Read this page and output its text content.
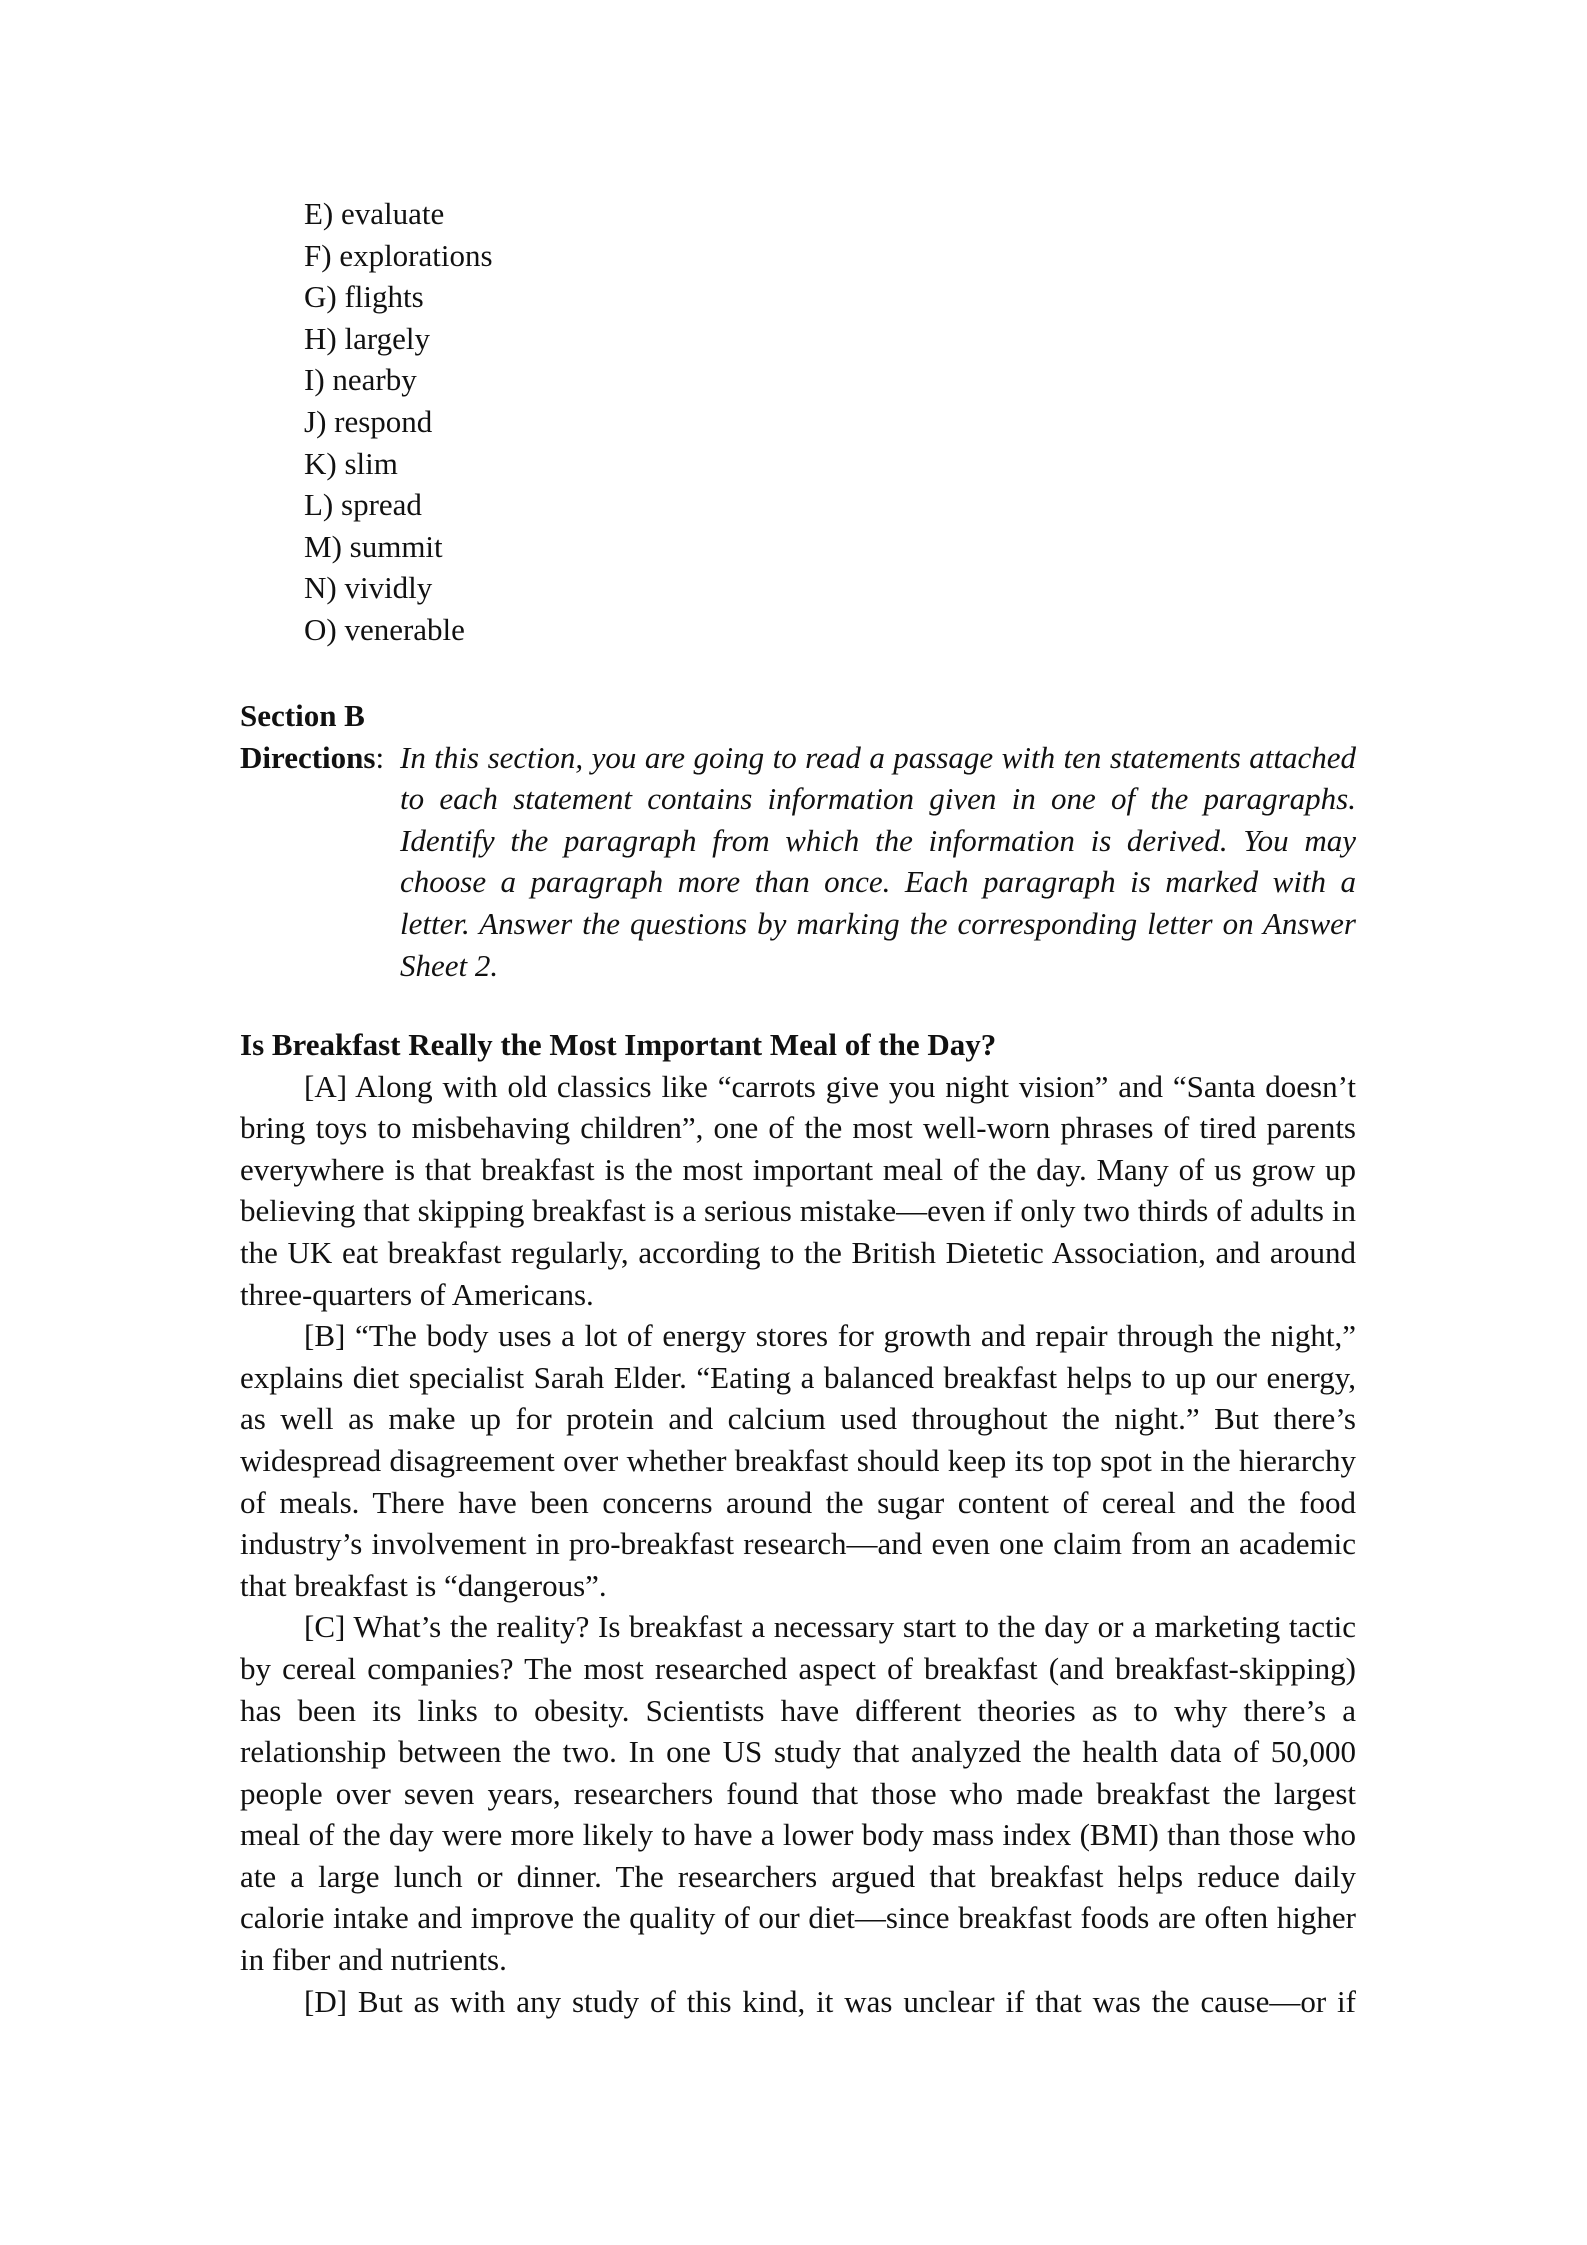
E) evaluate
F) explorations
G) flights
H) largely
I) nearby
J) respond
K) slim
L) spread
M) summit
N) vividly
O) venerable

Section B

Directions: In this section, you are going to read a passage with ten statements attached to each statement contains information given in one of the paragraphs. Identify the paragraph from which the information is derived. You may choose a paragraph more than once. Each paragraph is marked with a letter. Answer the questions by marking the corresponding letter on Answer Sheet 2.

Is Breakfast Really the Most Important Meal of the Day?

[A] Along with old classics like “carrots give you night vision” and “Santa doesn’t bring toys to misbehaving children”, one of the most well-worn phrases of tired parents everywhere is that breakfast is the most important meal of the day. Many of us grow up believing that skipping breakfast is a serious mistake—even if only two thirds of adults in the UK eat breakfast regularly, according to the British Dietetic Association, and around three-quarters of Americans.

[B] “The body uses a lot of energy stores for growth and repair through the night,” explains diet specialist Sarah Elder. “Eating a balanced breakfast helps to up our energy, as well as make up for protein and calcium used throughout the night.” But there’s widespread disagreement over whether breakfast should keep its top spot in the hierarchy of meals. There have been concerns around the sugar content of cereal and the food industry’s involvement in pro-breakfast research—and even one claim from an academic that breakfast is “dangerous”.

[C] What’s the reality? Is breakfast a necessary start to the day or a marketing tactic by cereal companies? The most researched aspect of breakfast (and breakfast-skipping) has been its links to obesity. Scientists have different theories as to why there’s a relationship between the two. In one US study that analyzed the health data of 50,000 people over seven years, researchers found that those who made breakfast the largest meal of the day were more likely to have a lower body mass index (BMI) than those who ate a large lunch or dinner. The researchers argued that breakfast helps reduce daily calorie intake and improve the quality of our diet—since breakfast foods are often higher in fiber and nutrients.

[D] But as with any study of this kind, it was unclear if that was the cause—or if
